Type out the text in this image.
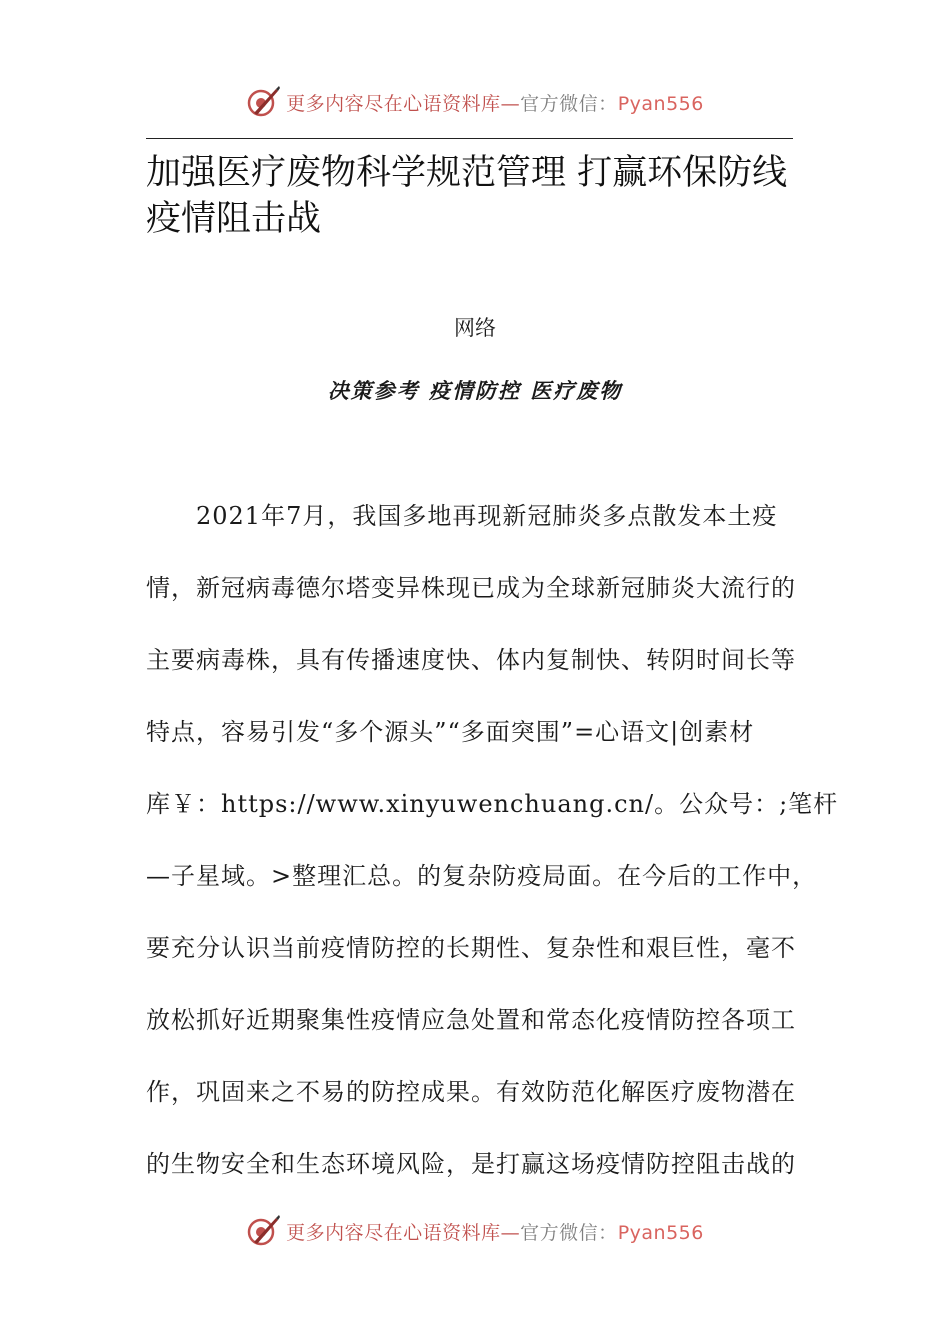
更多内容尽在心语资料库—官方微信：Pyan556
加强医疗废物科学规范管理 打赢环保防线
疫情阻击战
网络
决策参考 疫情防控 医疗废物
　　2021年7月，我国多地再现新冠肺炎多点散发本土疫
情，新冠病毒德尔塔变异株现已成为全球新冠肺炎大流行的
主要病毒株，具有传播速度快、体内复制快、转阴时间长等
特点，容易引发“多个源头”“多面突围”=心语文|创素材
库￥：https://www.xinyuwenchuang.cn/。公众号：;笔杆
—子星域。>整理汇总。的复杂防疫局面。在今后的工作中，
要充分认识当前疫情防控的长期性、复杂性和艰巨性，毫不
放松抓好近期聚集性疫情应急处置和常态化疫情防控各项工
作，巩固来之不易的防控成果。有效防范化解医疗废物潜在
的生物安全和生态环境风险，是打赢这场疫情防控阻击战的
更多内容尽在心语资料库—官方微信：Pyan556
